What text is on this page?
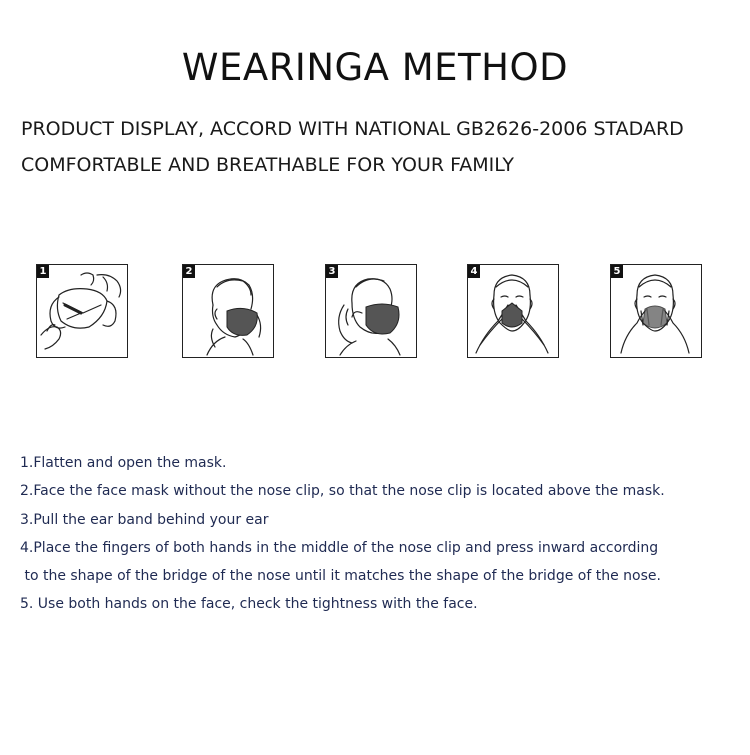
WEARINGA METHOD
PRODUCT DISPLAY, ACCORD WITH NATIONAL GB2626-2006 STADARD
COMFORTABLE AND BREATHABLE FOR YOUR FAMILY
1	2	3	4	5
1.Flatten and open the mask.
2.Face the face mask without the nose clip, so that the nose clip is located above the mask.
3.Pull the ear band behind your ear
4.Place the fingers of both hands in the middle of the nose clip and press inward according
to the shape of the bridge of the nose until it matches the shape of the bridge of the nose.
5. Use both hands on the face, check the tightness with the face.
